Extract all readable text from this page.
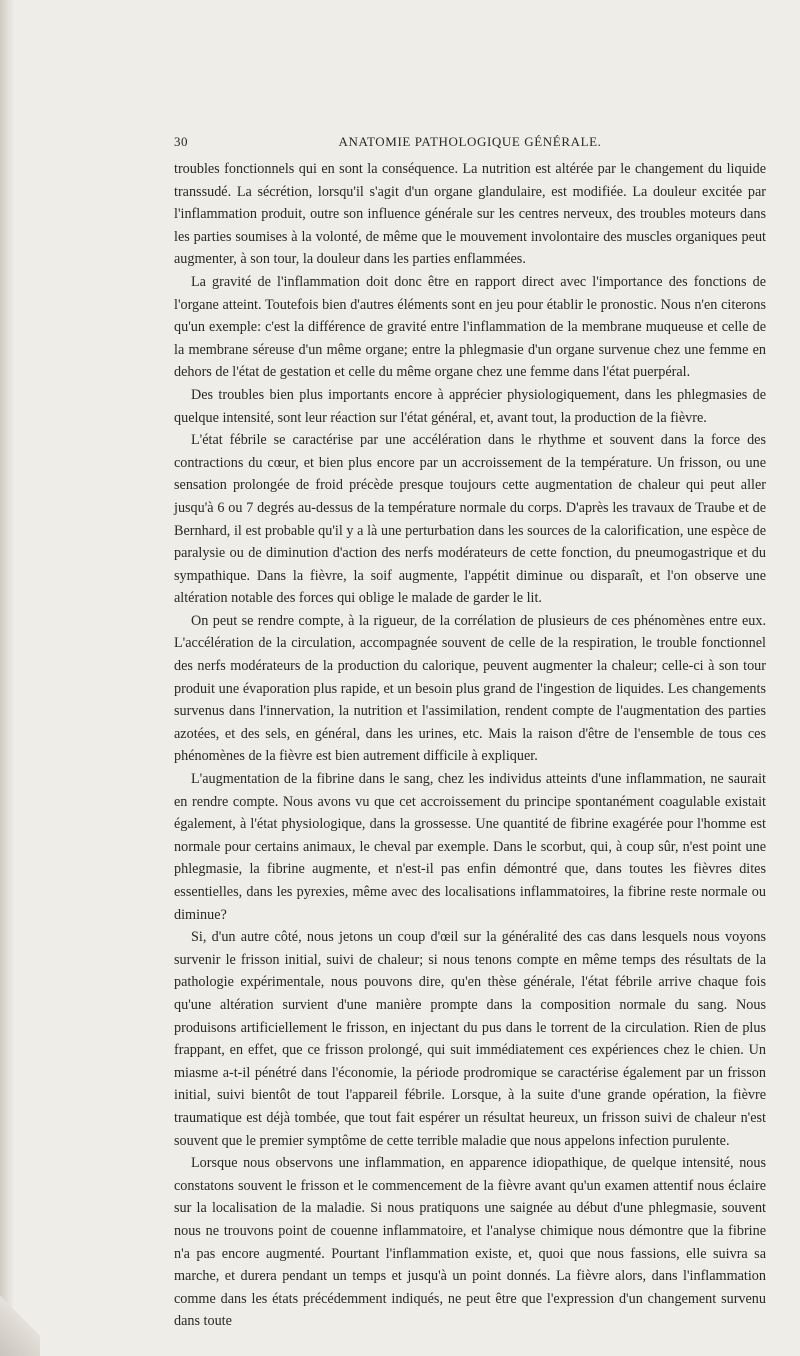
30	ANATOMIE PATHOLOGIQUE GÉNÉRALE.

troubles fonctionnels qui en sont la conséquence. La nutrition est altérée par le changement du liquide transsudé. La sécrétion, lorsqu'il s'agit d'un organe glandulaire, est modifiée. La douleur excitée par l'inflammation produit, outre son influence générale sur les centres nerveux, des troubles moteurs dans les parties soumises à la volonté, de même que le mouvement involontaire des muscles organiques peut augmenter, à son tour, la douleur dans les parties enflammées.

La gravité de l'inflammation doit donc être en rapport direct avec l'importance des fonctions de l'organe atteint. Toutefois bien d'autres éléments sont en jeu pour établir le pronostic. Nous n'en citerons qu'un exemple: c'est la différence de gravité entre l'inflammation de la membrane muqueuse et celle de la membrane séreuse d'un même organe; entre la phlegmasie d'un organe survenue chez une femme en dehors de l'état de gestation et celle du même organe chez une femme dans l'état puerpéral.

Des troubles bien plus importants encore à apprécier physiologiquement, dans les phlegmasies de quelque intensité, sont leur réaction sur l'état général, et, avant tout, la production de la fièvre.

L'état fébrile se caractérise par une accélération dans le rhythme et souvent dans la force des contractions du cœur, et bien plus encore par un accroissement de la température. Un frisson, ou une sensation prolongée de froid précède presque toujours cette augmentation de chaleur qui peut aller jusqu'à 6 ou 7 degrés au-dessus de la température normale du corps. D'après les travaux de Traube et de Bernhard, il est probable qu'il y a là une perturbation dans les sources de la calorification, une espèce de paralysie ou de diminution d'action des nerfs modérateurs de cette fonction, du pneumogastrique et du sympathique. Dans la fièvre, la soif augmente, l'appétit diminue ou disparaît, et l'on observe une altération notable des forces qui oblige le malade de garder le lit.

On peut se rendre compte, à la rigueur, de la corrélation de plusieurs de ces phénomènes entre eux. L'accélération de la circulation, accompagnée souvent de celle de la respiration, le trouble fonctionnel des nerfs modérateurs de la production du calorique, peuvent augmenter la chaleur; celle-ci à son tour produit une évaporation plus rapide, et un besoin plus grand de l'ingestion de liquides. Les changements survenus dans l'innervation, la nutrition et l'assimilation, rendent compte de l'augmentation des parties azotées, et des sels, en général, dans les urines, etc. Mais la raison d'être de l'ensemble de tous ces phénomènes de la fièvre est bien autrement difficile à expliquer.

L'augmentation de la fibrine dans le sang, chez les individus atteints d'une inflammation, ne saurait en rendre compte. Nous avons vu que cet accroissement du principe spontanément coagulable existait également, à l'état physiologique, dans la grossesse. Une quantité de fibrine exagérée pour l'homme est normale pour certains animaux, le cheval par exemple. Dans le scorbut, qui, à coup sûr, n'est point une phlegmasie, la fibrine augmente, et n'est-il pas enfin démontré que, dans toutes les fièvres dites essentielles, dans les pyrexies, même avec des localisations inflammatoires, la fibrine reste normale ou diminue?

Si, d'un autre côté, nous jetons un coup d'œil sur la généralité des cas dans lesquels nous voyons survenir le frisson initial, suivi de chaleur; si nous tenons compte en même temps des résultats de la pathologie expérimentale, nous pouvons dire, qu'en thèse générale, l'état fébrile arrive chaque fois qu'une altération survient d'une manière prompte dans la composition normale du sang. Nous produisons artificiellement le frisson, en injectant du pus dans le torrent de la circulation. Rien de plus frappant, en effet, que ce frisson prolongé, qui suit immédiatement ces expériences chez le chien. Un miasme a-t-il pénétré dans l'économie, la période prodromique se caractérise également par un frisson initial, suivi bientôt de tout l'appareil fébrile. Lorsque, à la suite d'une grande opération, la fièvre traumatique est déjà tombée, que tout fait espérer un résultat heureux, un frisson suivi de chaleur n'est souvent que le premier symptôme de cette terrible maladie que nous appelons infection purulente.

Lorsque nous observons une inflammation, en apparence idiopathique, de quelque intensité, nous constatons souvent le frisson et le commencement de la fièvre avant qu'un examen attentif nous éclaire sur la localisation de la maladie. Si nous pratiquons une saignée au début d'une phlegmasie, souvent nous ne trouvons point de couenne inflammatoire, et l'analyse chimique nous démontre que la fibrine n'a pas encore augmenté. Pourtant l'inflammation existe, et, quoi que nous fassions, elle suivra sa marche, et durera pendant un temps et jusqu'à un point donnés. La fièvre alors, dans l'inflammation comme dans les états précédemment indiqués, ne peut être que l'expression d'un changement survenu dans toute
